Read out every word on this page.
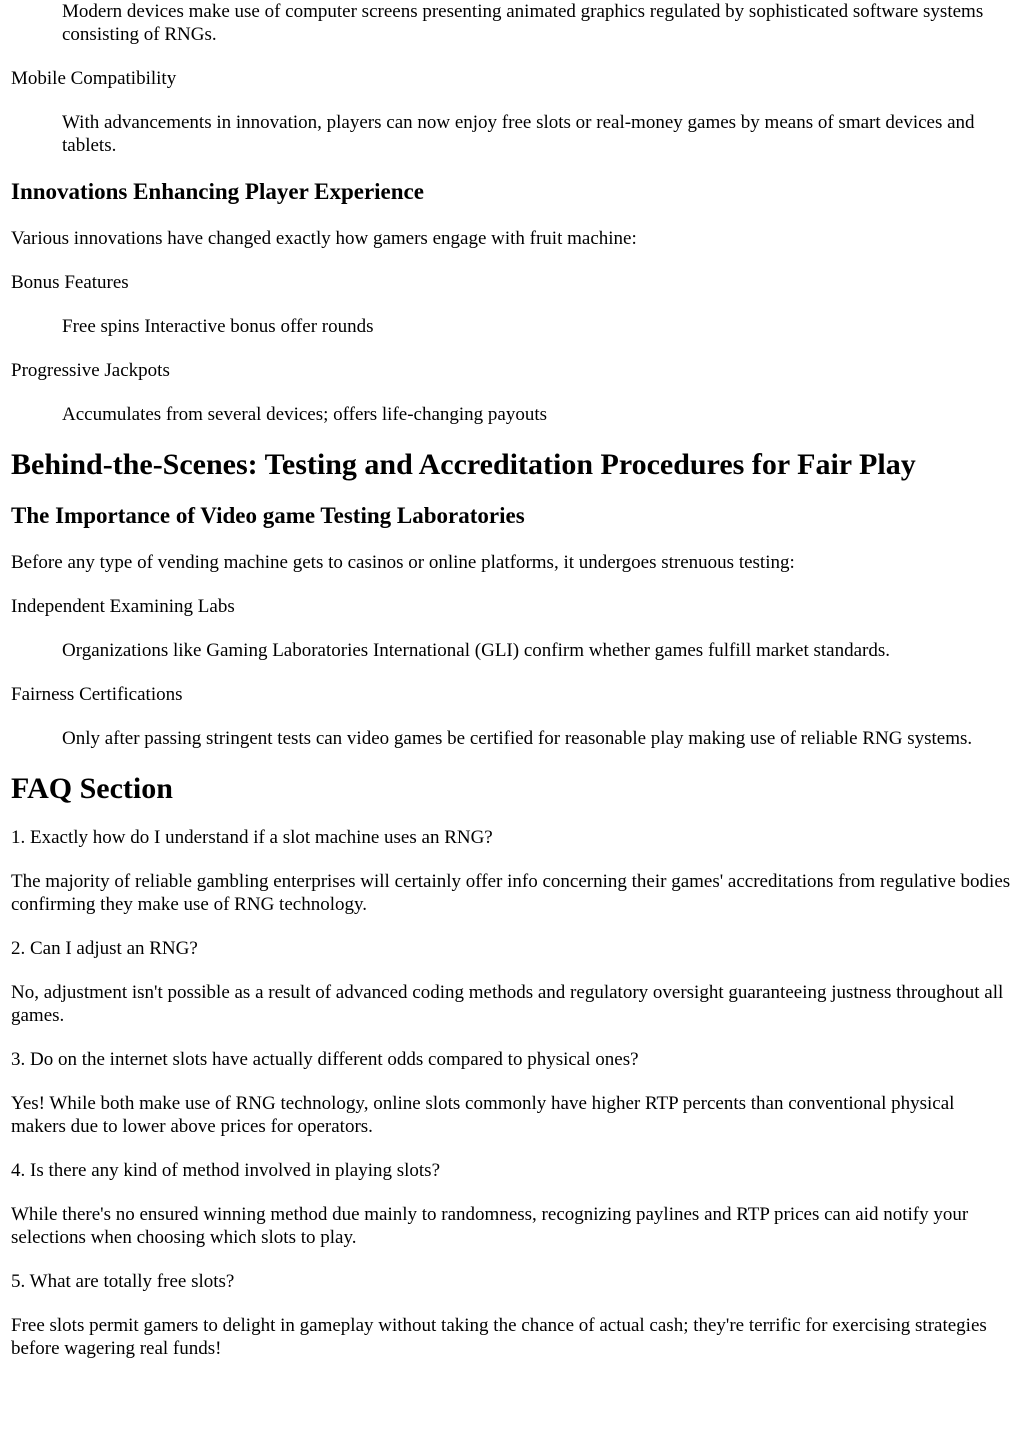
Modern devices make use of computer screens presenting animated graphics regulated by sophisticated software systems consisting of RNGs.

Mobile Compatibility

With advancements in innovation, players can now enjoy free slots or real-money games by means of smart devices and tablets.

Innovations Enhancing Player Experience

Various innovations have changed exactly how gamers engage with fruit machine:

Bonus Features

Free spins Interactive bonus offer rounds

Progressive Jackpots

Accumulates from several devices; offers life-changing payouts

Behind-the-Scenes: Testing and Accreditation Procedures for Fair Play
The Importance of Video game Testing Laboratories

Before any type of vending machine gets to casinos or online platforms, it undergoes strenuous testing:

Independent Examining Labs

Organizations like Gaming Laboratories International (GLI) confirm whether games fulfill market standards.

Fairness Certifications

Only after passing stringent tests can video games be certified for reasonable play making use of reliable RNG systems.

FAQ Section

1. Exactly how do I understand if a slot machine uses an RNG?

The majority of reliable gambling enterprises will certainly offer info concerning their games' accreditations from regulative bodies confirming they make use of RNG technology.

2. Can I adjust an RNG?

No, adjustment isn't possible as a result of advanced coding methods and regulatory oversight guaranteeing justness throughout all games.

3. Do on the internet slots have actually different odds compared to physical ones?

Yes! While both make use of RNG technology, online slots commonly have higher RTP percents than conventional physical makers due to lower above prices for operators.

4. Is there any kind of method involved in playing slots?

While there's no ensured winning method due mainly to randomness, recognizing paylines and RTP prices can aid notify your selections when choosing which slots to play.

5. What are totally free slots?

Free slots permit gamers to delight in gameplay without taking the chance of actual cash; they're terrific for exercising strategies before wagering real funds!
